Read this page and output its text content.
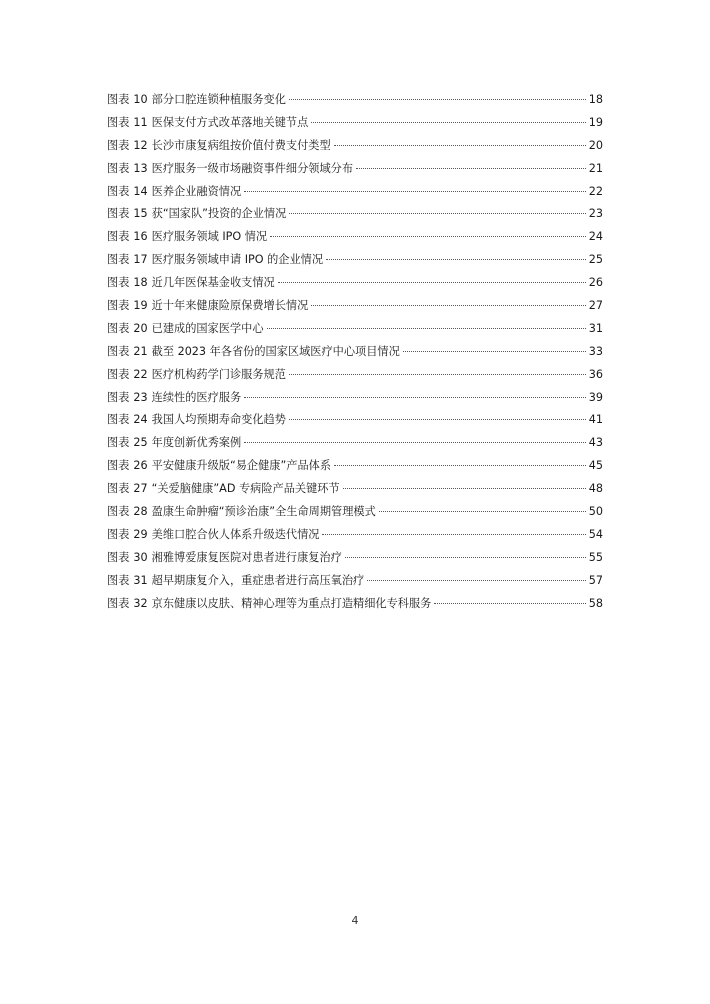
图表 10 部分口腔连锁种植服务变化	18
图表 11 医保支付方式改革落地关键节点	19
图表 12 长沙市康复病组按价值付费支付类型	20
图表 13 医疗服务一级市场融资事件细分领域分布	21
图表 14 医养企业融资情况	22
图表 15 获“国家队”投资的企业情况	23
图表 16 医疗服务领域 IPO 情况	24
图表 17 医疗服务领域申请 IPO 的企业情况	25
图表 18 近几年医保基金收支情况	26
图表 19 近十年来健康险原保费增长情况	27
图表 20 已建成的国家医学中心	31
图表 21 截至 2023 年各省份的国家区域医疗中心项目情况	33
图表 22 医疗机构药学门诊服务规范	36
图表 23 连续性的医疗服务	39
图表 24 我国人均预期寿命变化趋势	41
图表 25 年度创新优秀案例	43
图表 26 平安健康升级版“易企健康”产品体系	45
图表 27 “关爱脑健康”AD 专病险产品关键环节	48
图表 28 盈康生命肿瘤“预诊治康”全生命周期管理模式	50
图表 29 美维口腔合伙人体系升级迭代情况	54
图表 30 湘雅博爱康复医院对患者进行康复治疗	55
图表 31 超早期康复介入，重症患者进行高压氧治疗	57
图表 32 京东健康以皮肤、精神心理等为重点打造精细化专科服务	58
4
